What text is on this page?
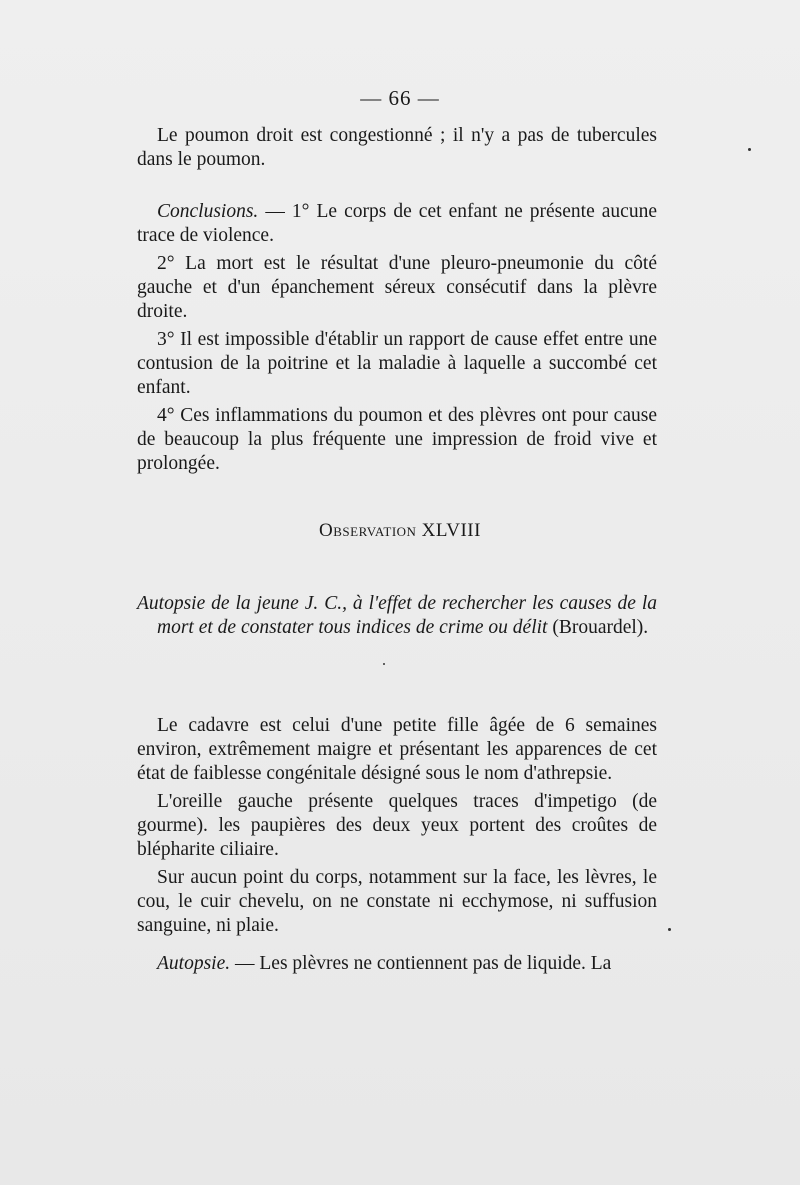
— 66 —

Le poumon droit est congestionné ; il n'y a pas de tubercules dans le poumon.

Conclusions. — 1° Le corps de cet enfant ne présente aucune trace de violence.

2° La mort est le résultat d'une pleuro-pneumonie du côté gauche et d'un épanchement séreux consécutif dans la plèvre droite.

3° Il est impossible d'établir un rapport de cause effet entre une contusion de la poitrine et la maladie à laquelle a succombé cet enfant.

4° Ces inflammations du poumon et des plèvres ont pour cause de beaucoup la plus fréquente une impression de froid vive et prolongée.

Observation XLVIII

Autopsie de la jeune J. C., à l'effet de rechercher les causes de la mort et de constater tous indices de crime ou délit (Brouardel).

Le cadavre est celui d'une petite fille âgée de 6 semaines environ, extrêmement maigre et présentant les apparences de cet état de faiblesse congénitale désigné sous le nom d'athrepsie.

L'oreille gauche présente quelques traces d'impetigo (de gourme). les paupières des deux yeux portent des croûtes de blépharite ciliaire.

Sur aucun point du corps, notamment sur la face, les lèvres, le cou, le cuir chevelu, on ne constate ni ecchymose, ni suffusion sanguine, ni plaie.

Autopsie. — Les plèvres ne contiennent pas de liquide. La
